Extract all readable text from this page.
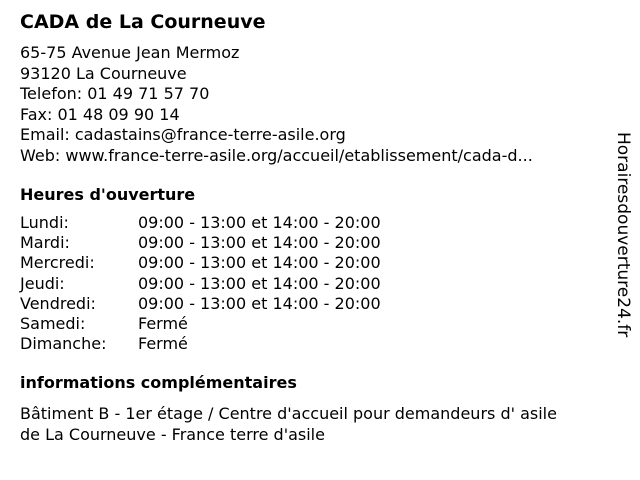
CADA de La Courneuve
65-75 Avenue Jean Mermoz
93120 La Courneuve
Telefon: 01 49 71 57 70
Fax: 01 48 09 90 14
Email: cadastains@france-terre-asile.org
Web: www.france-terre-asile.org/accueil/etablissement/cada-d...
Heures d'ouverture
Lundi:	09:00 - 13:00 et 14:00 - 20:00
Mardi:	09:00 - 13:00 et 14:00 - 20:00
Mercredi:	09:00 - 13:00 et 14:00 - 20:00
Jeudi:	09:00 - 13:00 et 14:00 - 20:00
Vendredi:	09:00 - 13:00 et 14:00 - 20:00
Samedi:	Fermé
Dimanche:	Fermé
informations complémentaires
Bâtiment B - 1er étage / Centre d'accueil pour demandeurs d' asile de La Courneuve - France terre d'asile
Horairesdouverture24.fr
